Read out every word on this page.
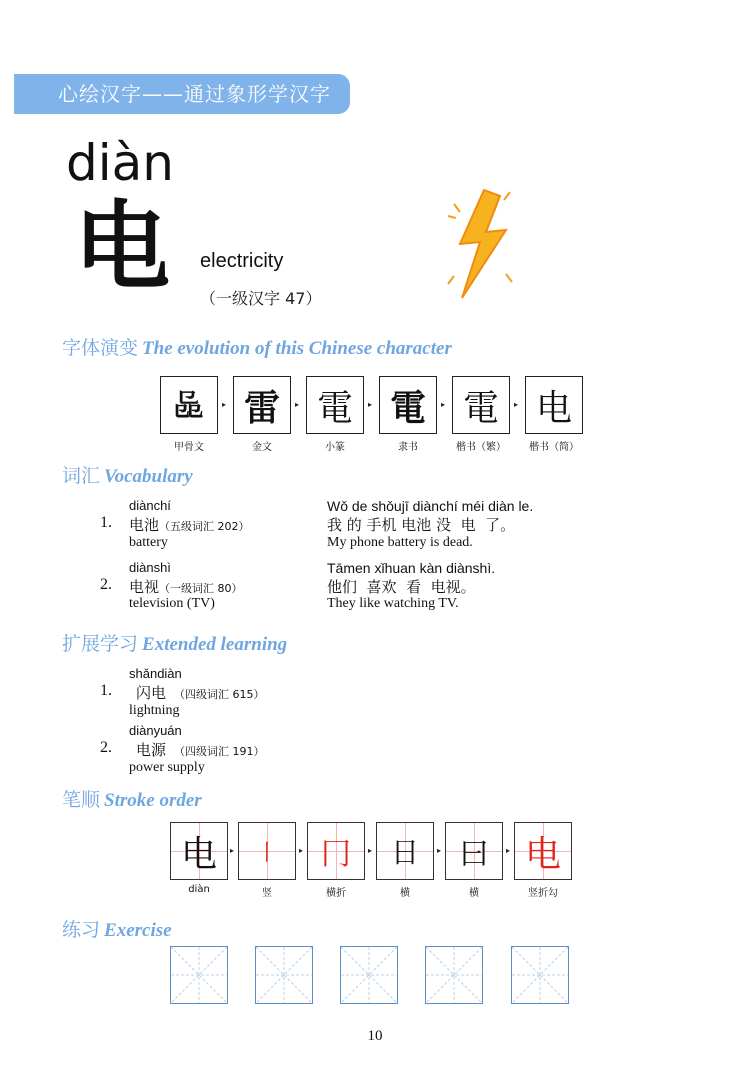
心绘汉字——通过象形学汉字
diàn
电 electricity
（一级汉字 47）
字体演变 The evolution of this Chinese character
𠨕 雷 電 電 電 电
▸	▸	▸	▸	▸
甲骨文	金文	小篆	隶书	楷书（繁）	楷书（简）
词汇 Vocabulary
diànchí
1. 电池（五级词汇 202）
battery
Wǒ de shǒujī diànchí méi diàn le.
我 的 手机 电池 没  电  了。
My phone battery is dead.
diànshì
2. 电视（一级词汇 80）
television (TV)
Tāmen xǐhuan kàn diànshì.
他们  喜欢  看  电视。
They like watching TV.
扩展学习 Extended learning
shǎndiàn
1. 闪电 （四级词汇 615）
lightning
diànyuán
2. 电源 （四级词汇 191）
power supply
笔顺 Stroke order
电 丨 冂 日 曰 电
▸	▸	▸	▸	▸
diàn	竖	横折	横	横	竖折勾
练习 Exercise
10
